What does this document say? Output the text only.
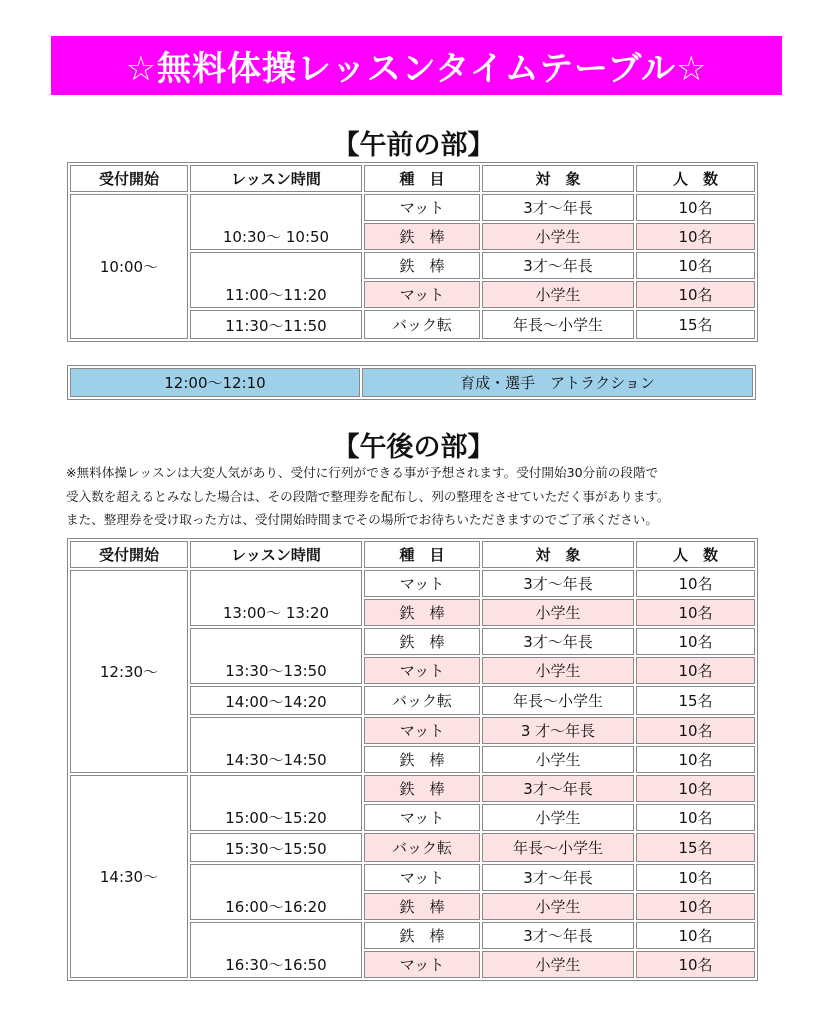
☆無料体操レッスンタイムテーブル☆
【午前の部】
受付開始	レッスン時間	種　目	対　象	人　数
10:00〜	10:30〜 10:50	マット	3才〜年長	10名
		鉄　棒	小学生	10名
	11:00〜11:20	鉄　棒	3才〜年長	10名
		マット	小学生	10名
	11:30〜11:50	バック転	年長〜小学生	15名
12:00〜12:10	育成・選手　アトラクション
【午後の部】
※無料体操レッスンは大変人気があり、受付に行列ができる事が予想されます。受付開始30分前の段階で
受入数を超えるとみなした場合は、その段階で整理券を配布し、列の整理をさせていただく事があります。
また、整理券を受け取った方は、受付開始時間までその場所でお待ちいただきますのでご了承ください。
受付開始	レッスン時間	種　目	対　象	人　数
12:30〜	13:00〜 13:20	マット	3才〜年長	10名
		鉄　棒	小学生	10名
	13:30〜13:50	鉄　棒	3才〜年長	10名
		マット	小学生	10名
	14:00〜14:20	バック転	年長〜小学生	15名
	14:30〜14:50	マット	3 才〜年長	10名
		鉄　棒	小学生	10名
14:30〜	15:00〜15:20	鉄　棒	3才〜年長	10名
		マット	小学生	10名
	15:30〜15:50	バック転	年長〜小学生	15名
	16:00〜16:20	マット	3才〜年長	10名
		鉄　棒	小学生	10名
	16:30〜16:50	鉄　棒	3才〜年長	10名
		マット	小学生	10名
